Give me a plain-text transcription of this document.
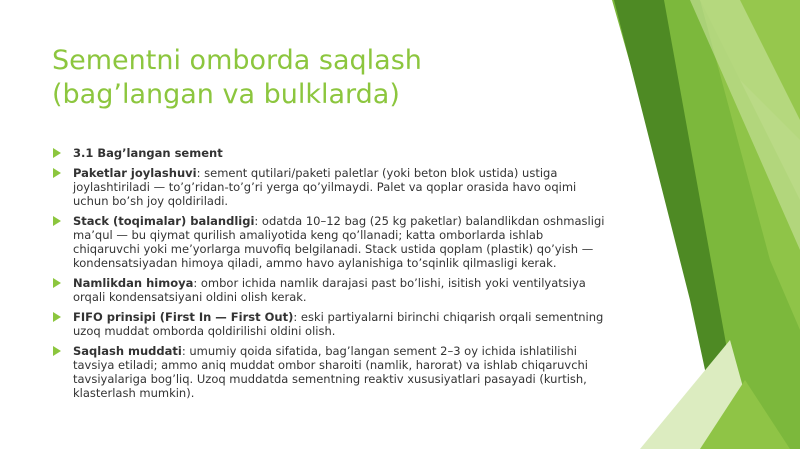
Sementni omborda saqlash
(bag’langan va bulklarda)
3.1 Bag’langan sement
Paketlar joylashuvi: sement qutilari/paketi paletlar (yoki beton blok ustida) ustiga joylashtiriladi — to’g’ridan-to’g’ri yerga qo’yilmaydi. Palet va qoplar orasida havo oqimi uchun bo’sh joy qoldiriladi.
Stack (toqimalar) balandligi: odatda 10–12 bag (25 kg paketlar) balandlikdan oshmasligi ma’qul — bu qiymat qurilish amaliyotida keng qo’llanadi; katta omborlarda ishlab chiqaruvchi yoki me’yorlarga muvofiq belgilanadi. Stack ustida qoplam (plastik) qo’yish — kondensatsiyadan himoya qiladi, ammo havo aylanishiga to’sqinlik qilmasligi kerak.
Namlikdan himoya: ombor ichida namlik darajasi past bo’lishi, isitish yoki ventilyatsiya orqali kondensatsiyani oldini olish kerak.
FIFO prinsipi (First In — First Out): eski partiyalarni birinchi chiqarish orqali sementning uzoq muddat omborda qoldirilishi oldini olish.
Saqlash muddati: umumiy qoida sifatida, bag’langan sement 2–3 oy ichida ishlatilishi tavsiya etiladi; ammo aniq muddat ombor sharoiti (namlik, harorat) va ishlab chiqaruvchi tavsiyalariga bog’liq. Uzoq muddatda sementning reaktiv xususiyatlari pasayadi (kurtish, klasterlash mumkin).
